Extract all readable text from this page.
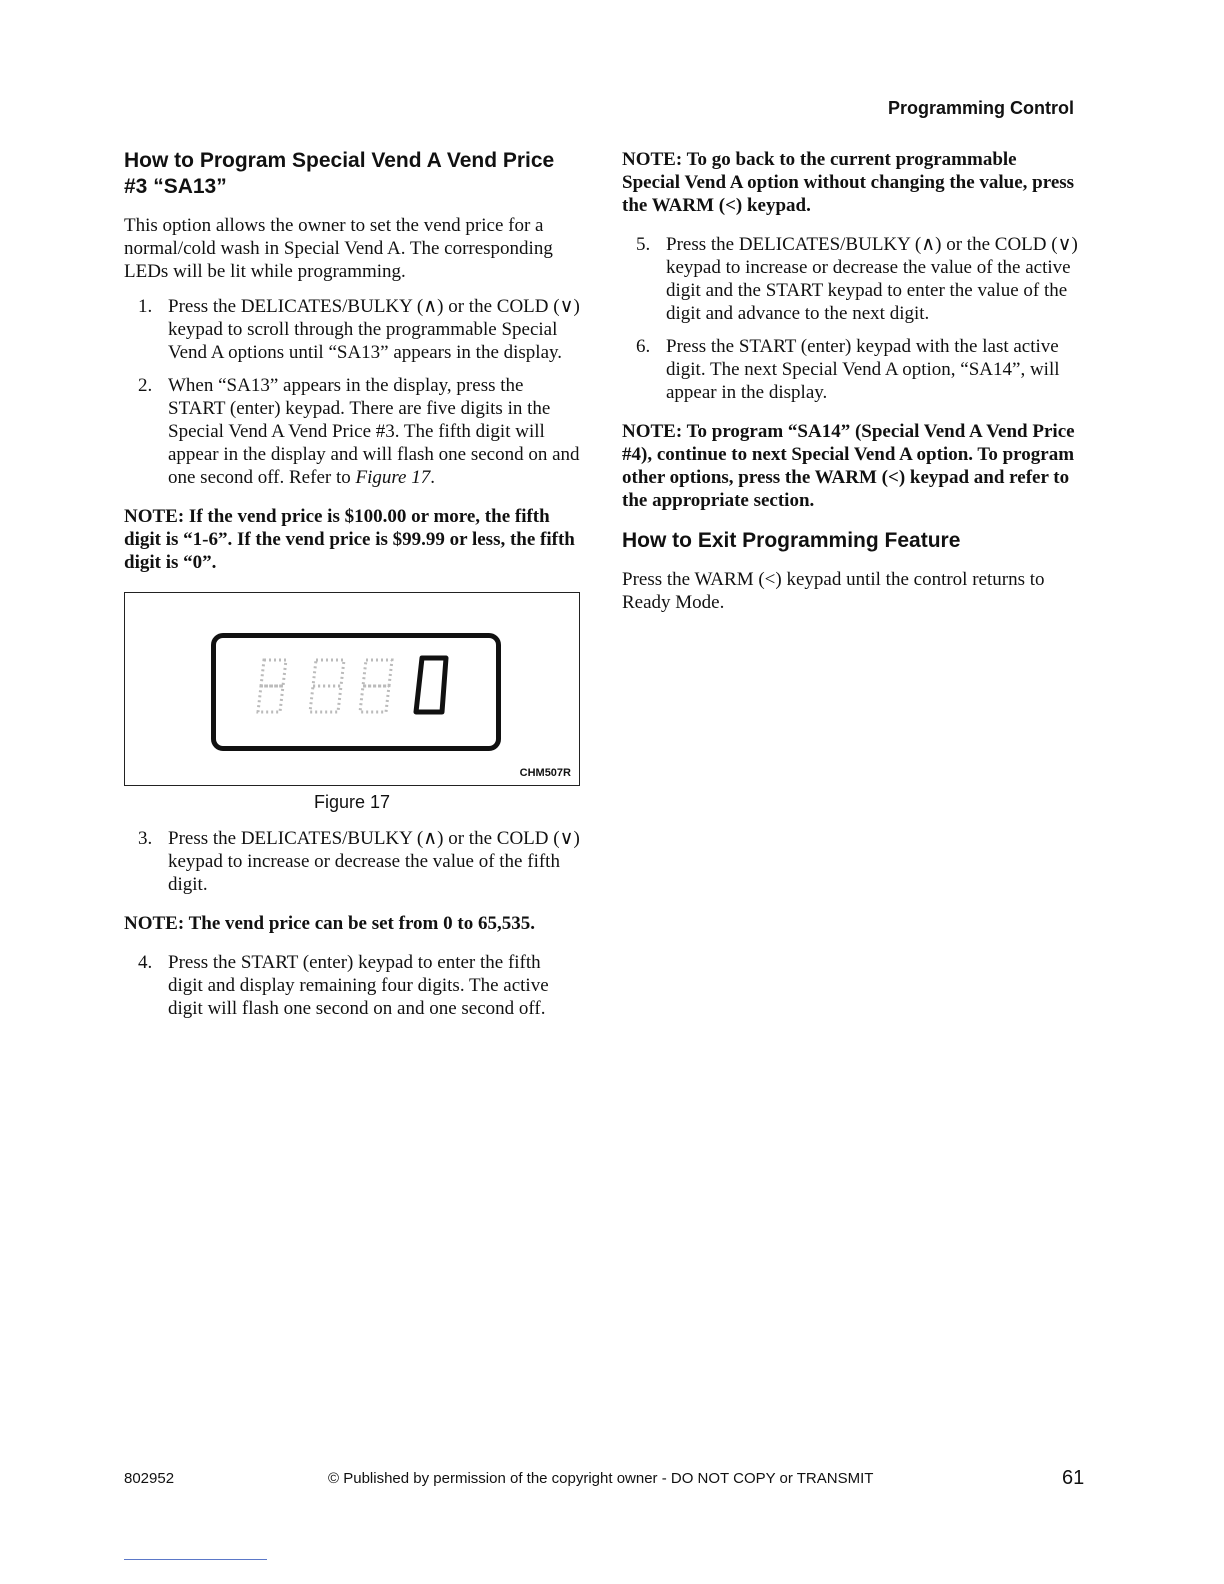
Programming Control
How to Program Special Vend A Vend Price #3 “SA13”

This option allows the owner to set the vend price for a normal/cold wash in Special Vend A. The corresponding LEDs will be lit while programming.

1. Press the DELICATES/BULKY (∧) or the COLD (∨) keypad to scroll through the programmable Special Vend A options until “SA13” appears in the display.
2. When “SA13” appears in the display, press the START (enter) keypad. There are five digits in the Special Vend A Vend Price #3. The fifth digit will appear in the display and will flash one second on and one second off. Refer to Figure 17.
NOTE: If the vend price is $100.00 or more, the fifth digit is “1-6”. If the vend price is $99.99 or less, the fifth digit is “0”.
0
CHM507R
Figure 17
3. Press the DELICATES/BULKY (∧) or the COLD (∨) keypad to increase or decrease the value of the fifth digit.
NOTE: The vend price can be set from 0 to 65,535.
4. Press the START (enter) keypad to enter the fifth digit and display remaining four digits. The active digit will flash one second on and one second off.
NOTE: To go back to the current programmable Special Vend A option without changing the value, press the WARM (<) keypad.
5. Press the DELICATES/BULKY (∧) or the COLD (∨) keypad to increase or decrease the value of the active digit and the START keypad to enter the value of the digit and advance to the next digit.
6. Press the START (enter) keypad with the last active digit. The next Special Vend A option, “SA14”, will appear in the display.
NOTE: To program “SA14” (Special Vend A Vend Price #4), continue to next Special Vend A option. To program other options, press the WARM (<) keypad and refer to the appropriate section.
How to Exit Programming Feature

Press the WARM (<) keypad until the control returns to Ready Mode.

802952	© Published by permission of the copyright owner - DO NOT COPY or TRANSMIT	61
